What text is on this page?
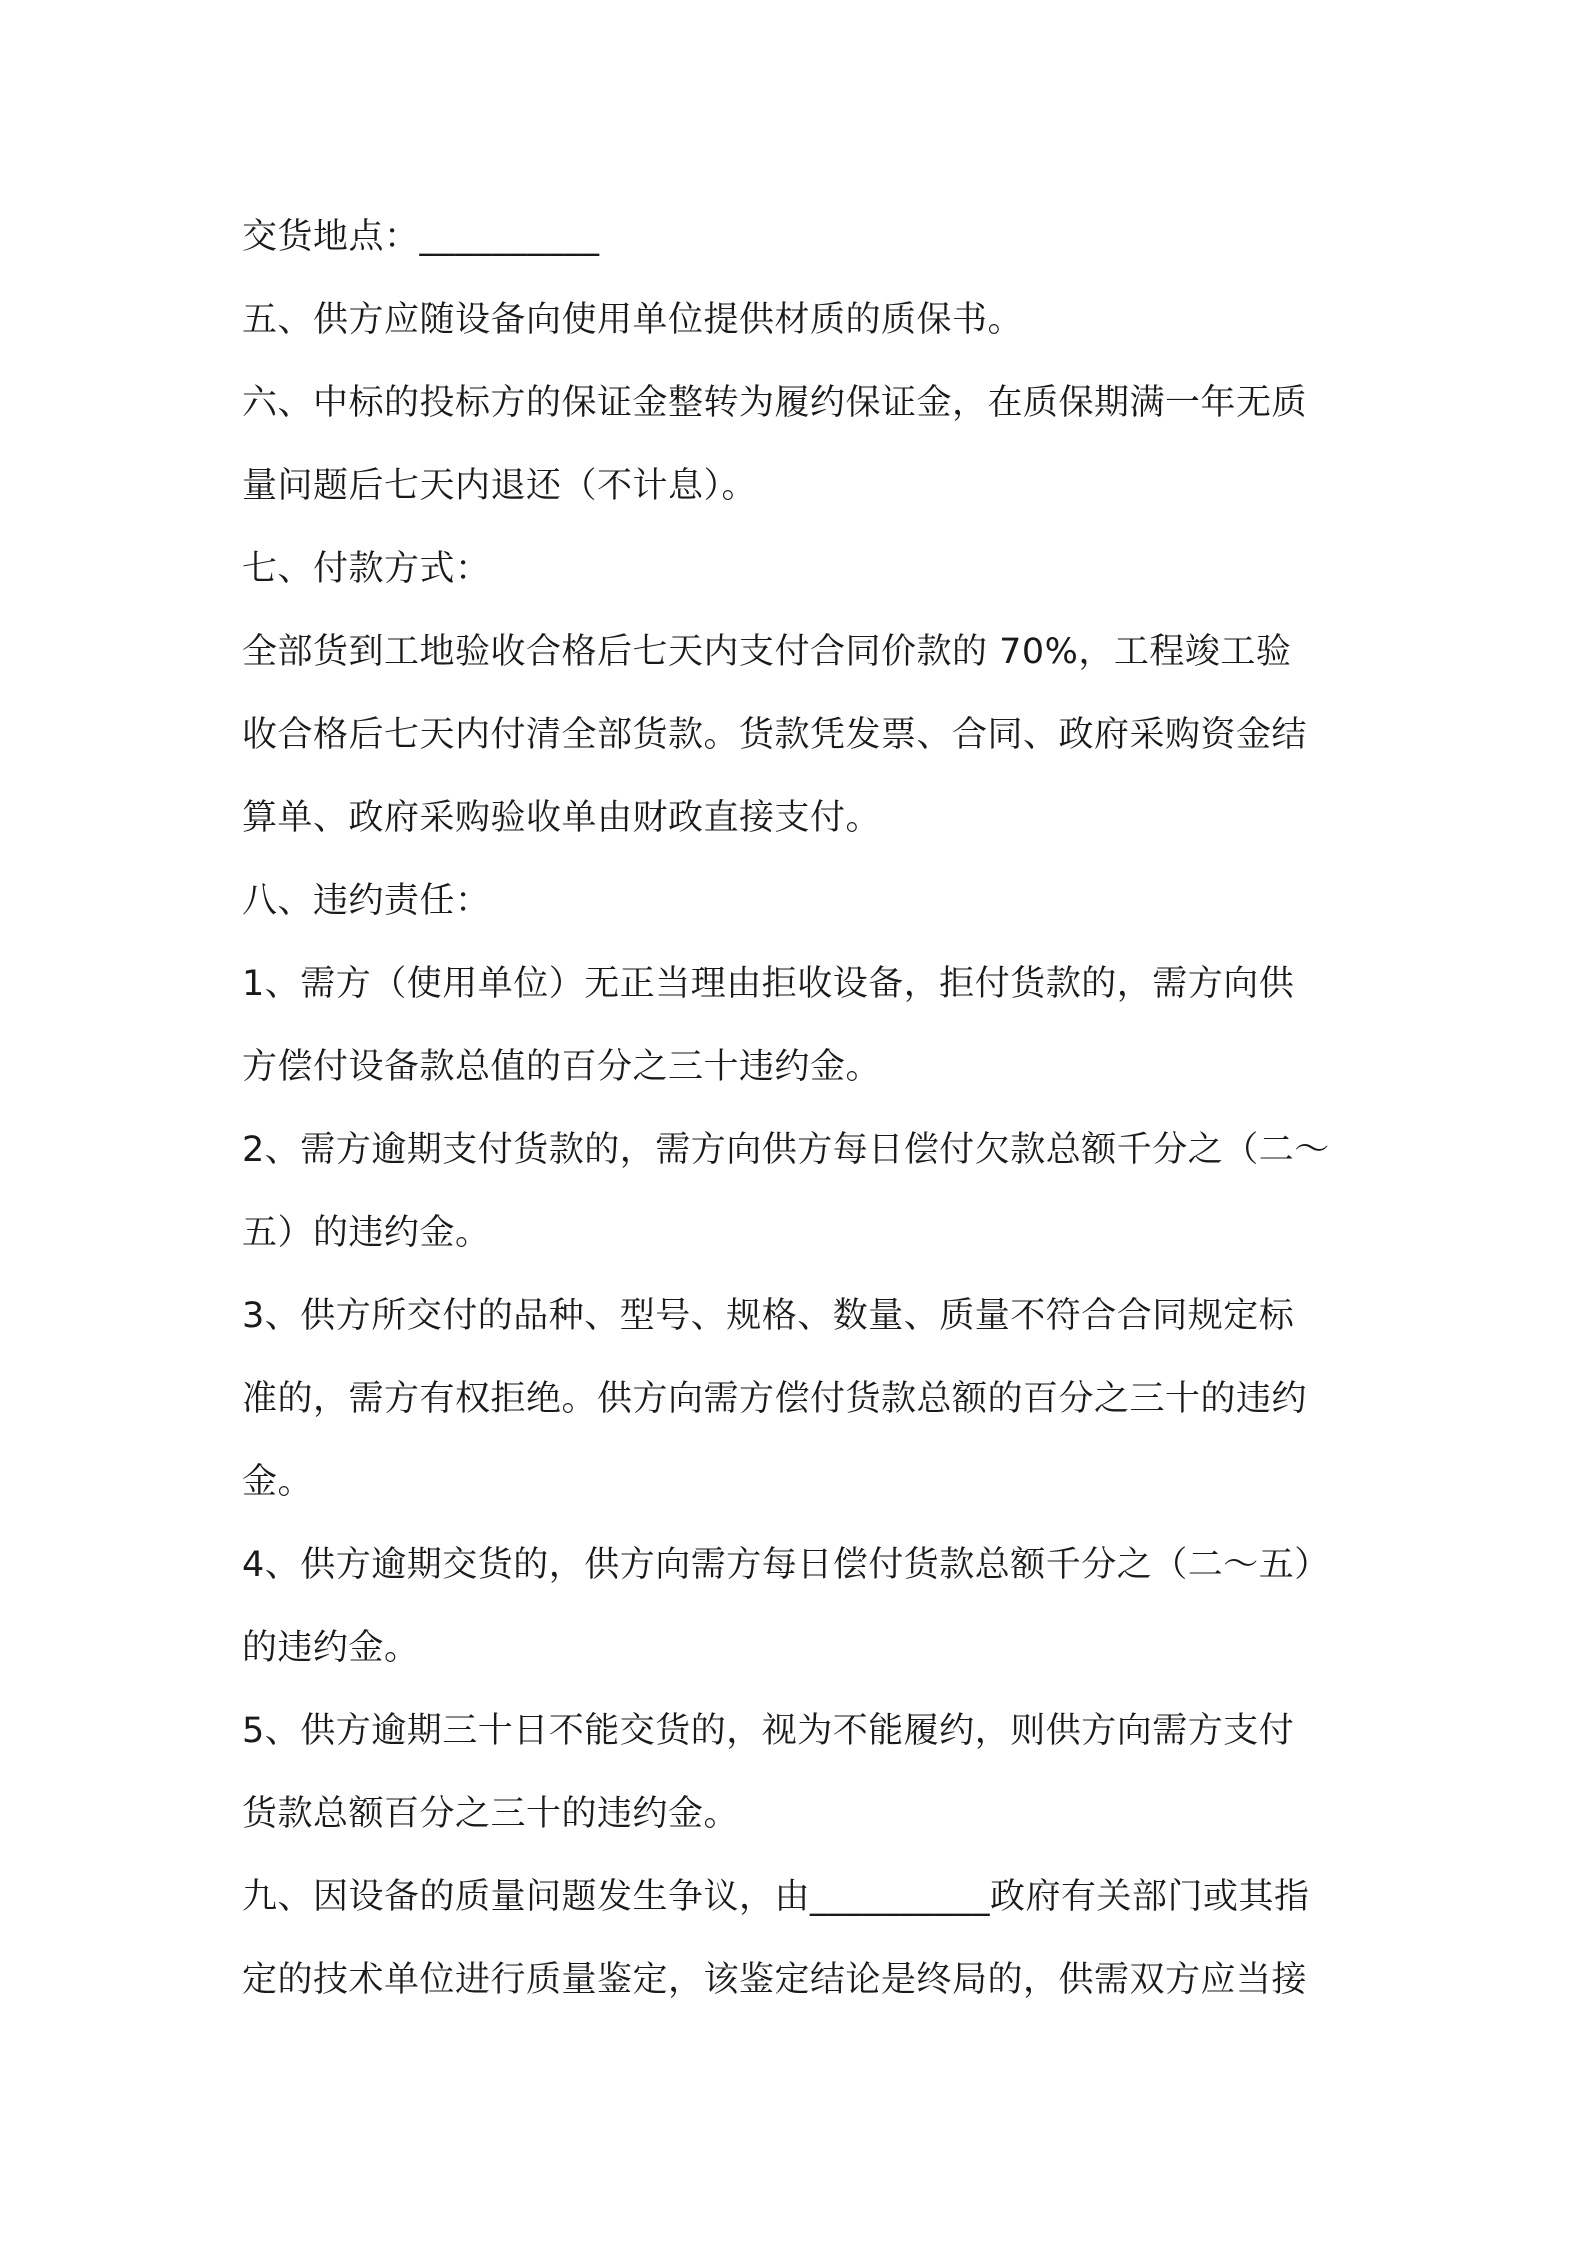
交货地点：__________
五、供方应随设备向使用单位提供材质的质保书。
六、中标的投标方的保证金整转为履约保证金，在质保期满一年无质
量问题后七天内退还（不计息）。
七、付款方式：
全部货到工地验收合格后七天内支付合同价款的 70%，工程竣工验
收合格后七天内付清全部货款。货款凭发票、合同、政府采购资金结
算单、政府采购验收单由财政直接支付。
八、违约责任：
1、需方（使用单位）无正当理由拒收设备，拒付货款的，需方向供
方偿付设备款总值的百分之三十违约金。
2、需方逾期支付货款的，需方向供方每日偿付欠款总额千分之（二～
五）的违约金。
3、供方所交付的品种、型号、规格、数量、质量不符合合同规定标
准的，需方有权拒绝。供方向需方偿付货款总额的百分之三十的违约
金。
4、供方逾期交货的，供方向需方每日偿付货款总额千分之（二～五）
的违约金。
5、供方逾期三十日不能交货的，视为不能履约，则供方向需方支付
货款总额百分之三十的违约金。
九、因设备的质量问题发生争议，由__________政府有关部门或其指
定的技术单位进行质量鉴定，该鉴定结论是终局的，供需双方应当接
